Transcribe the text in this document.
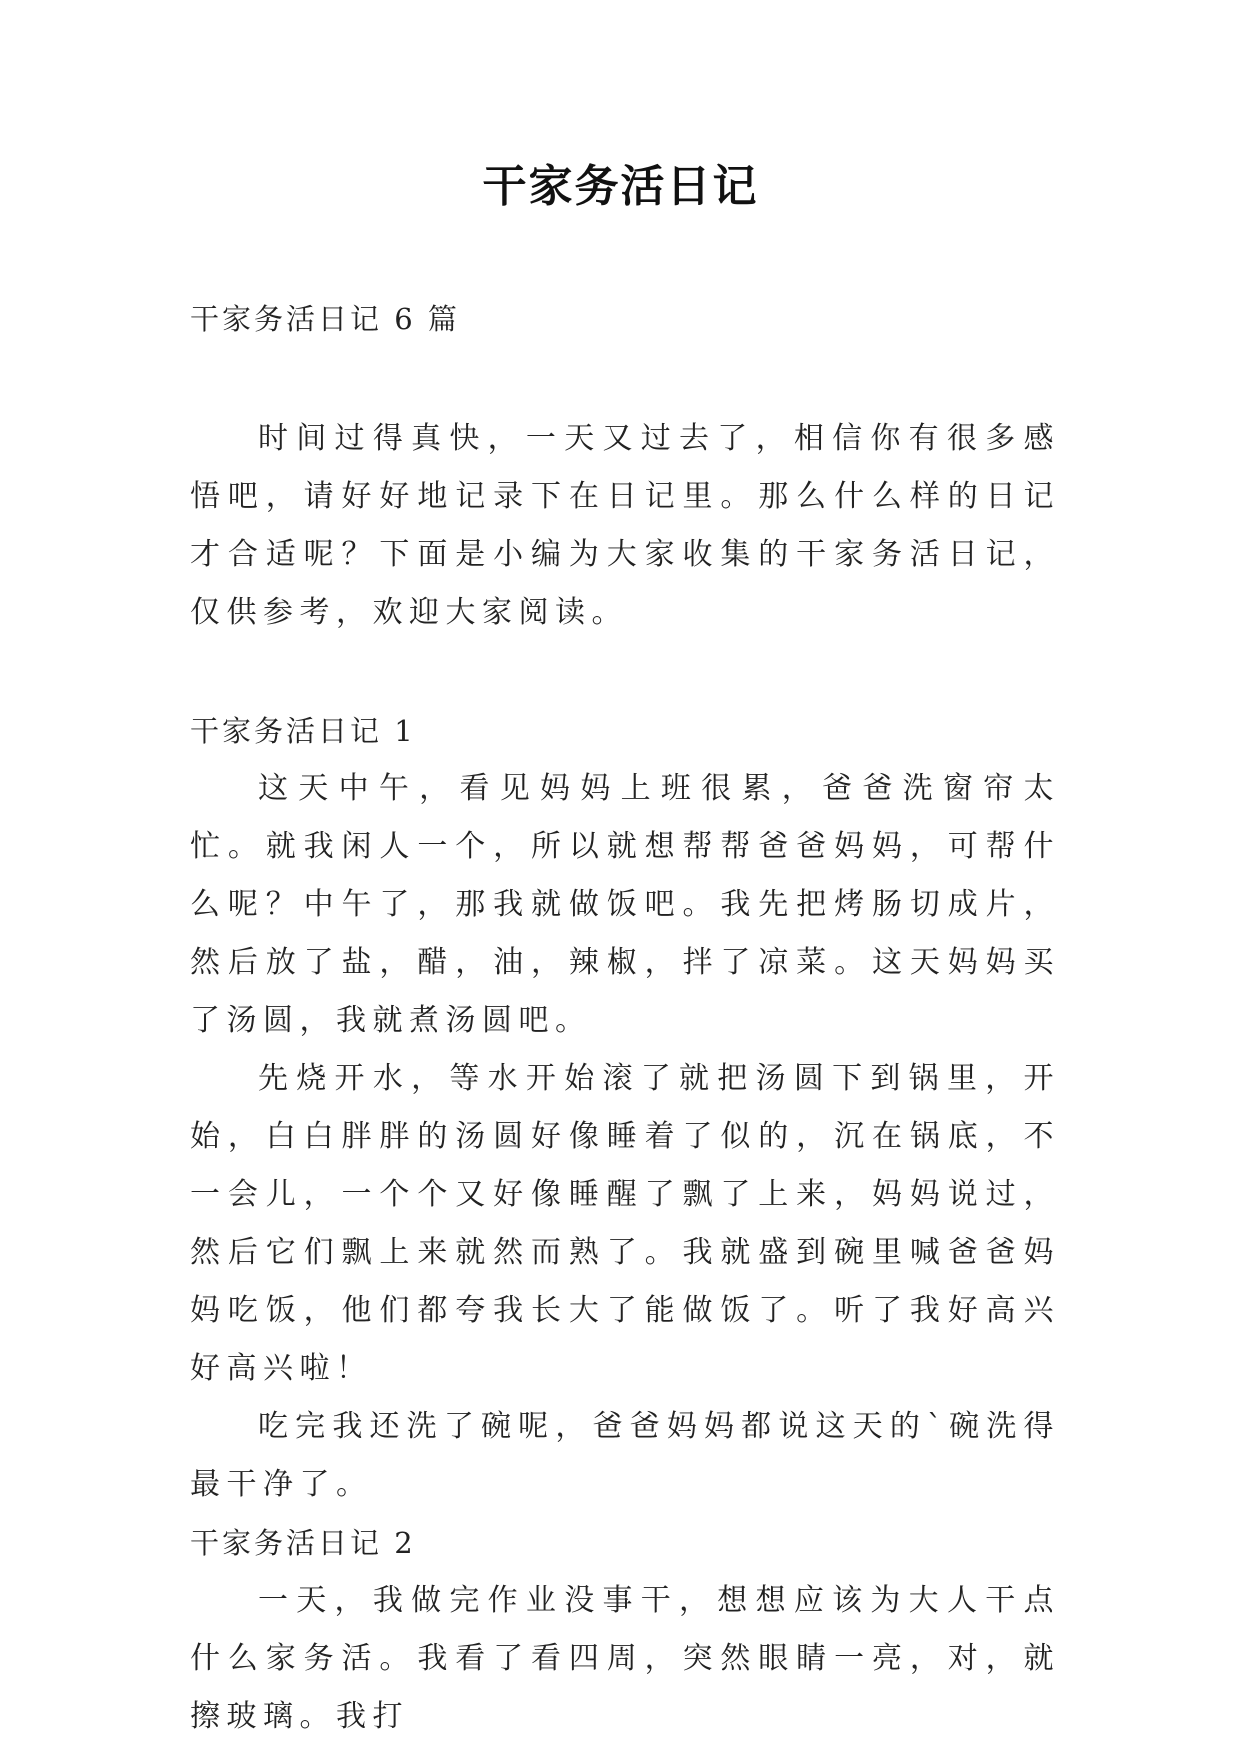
干家务活日记

干家务活日记 6 篇

时间过得真快，一天又过去了，相信你有很多感悟吧，请好好地记录下在日记里。那么什么样的日记才合适呢？下面是小编为大家收集的干家务活日记，仅供参考，欢迎大家阅读。

干家务活日记 1

这天中午，看见妈妈上班很累，爸爸洗窗帘太忙。就我闲人一个，所以就想帮帮爸爸妈妈，可帮什么呢？中午了，那我就做饭吧。我先把烤肠切成片，然后放了盐，醋，油，辣椒，拌了凉菜。这天妈妈买了汤圆，我就煮汤圆吧。

先烧开水，等水开始滚了就把汤圆下到锅里，开始，白白胖胖的汤圆好像睡着了似的，沉在锅底，不一会儿，一个个又好像睡醒了飘了上来，妈妈说过，然后它们飘上来就然而熟了。我就盛到碗里喊爸爸妈妈吃饭，他们都夸我长大了能做饭了。听了我好高兴好高兴啦！

吃完我还洗了碗呢，爸爸妈妈都说这天的`碗洗得最干净了。

干家务活日记 2

一天，我做完作业没事干，想想应该为大人干点什么家务活。我看了看四周，突然眼睛一亮，对，就擦玻璃。我打
